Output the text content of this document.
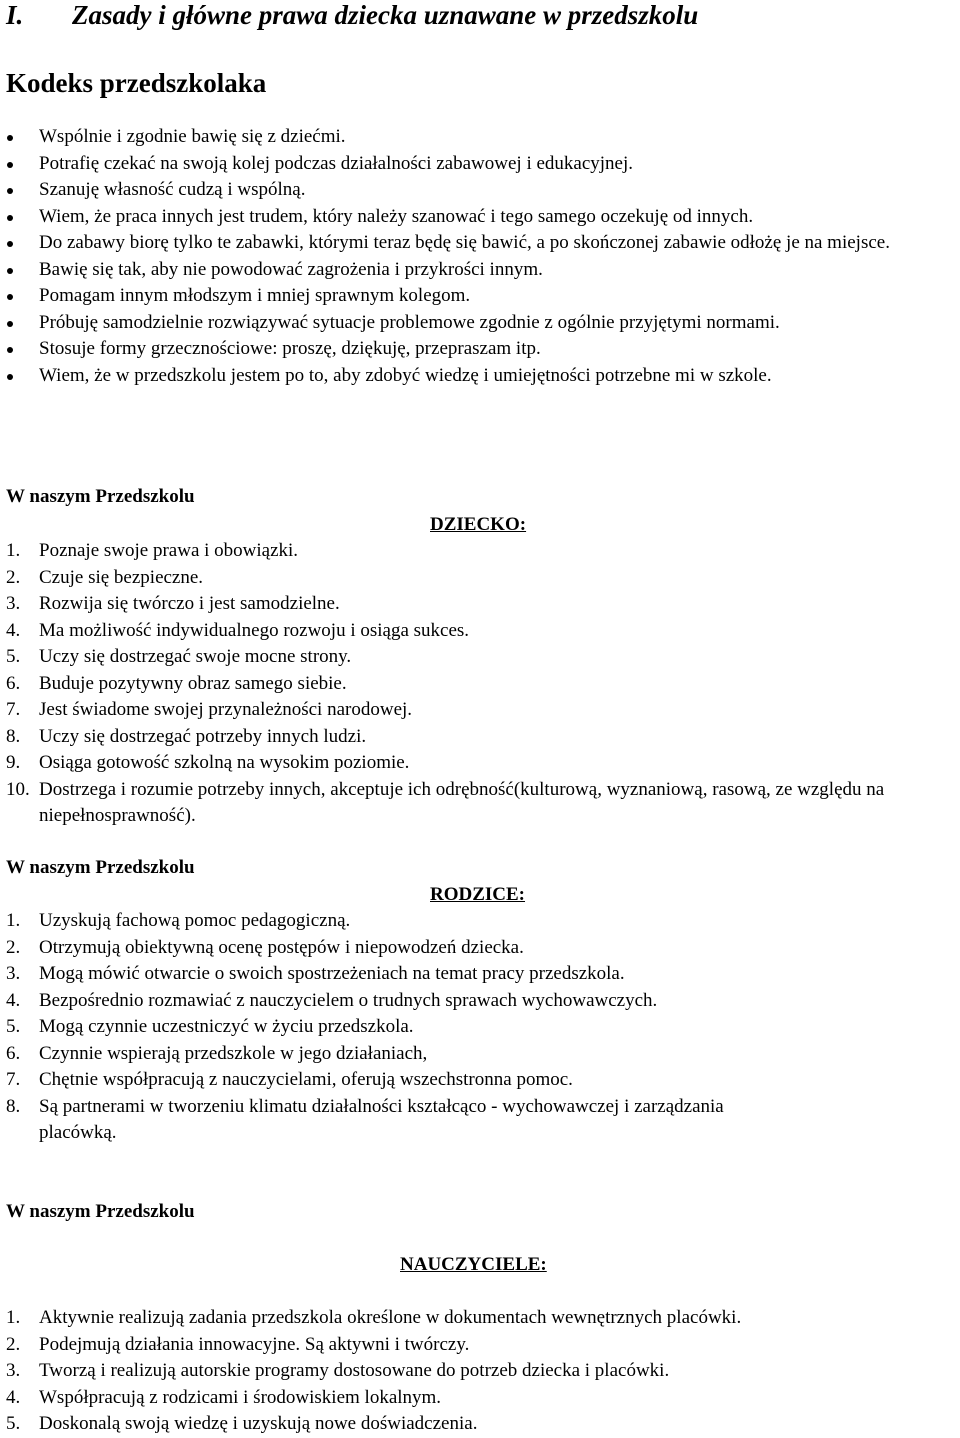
I. Zasady i główne prawa dziecka uznawane w przedszkolu
Kodeks przedszkolaka
Wspólnie i zgodnie bawię się z dziećmi.
Potrafię czekać na swoją kolej podczas działalności zabawowej i edukacyjnej.
Szanuję własność cudzą i wspólną.
Wiem, że praca innych jest trudem, który należy szanować i tego samego oczekuję od innych.
Do zabawy biorę tylko te zabawki, którymi teraz będę się bawić, a po skończonej zabawie odłożę je na miejsce.
Bawię się tak, aby nie powodować zagrożenia i przykrości innym.
Pomagam innym młodszym i mniej sprawnym kolegom.
Próbuję samodzielnie rozwiązywać sytuacje problemowe zgodnie z ogólnie przyjętymi normami.
Stosuje formy grzecznościowe: proszę, dziękuję, przepraszam itp.
Wiem, że w przedszkolu jestem po to, aby zdobyć wiedzę i umiejętności potrzebne mi w szkole.
W naszym Przedszkolu
DZIECKO:
1. Poznaje swoje prawa i obowiązki.
2. Czuje się bezpieczne.
3. Rozwija się twórczo i jest samodzielne.
4. Ma możliwość indywidualnego rozwoju i osiąga sukces.
5. Uczy się dostrzegać swoje mocne strony.
6. Buduje pozytywny obraz samego siebie.
7. Jest świadome swojej przynależności narodowej.
8. Uczy się dostrzegać potrzeby innych ludzi.
9. Osiąga gotowość szkolną na wysokim poziomie.
10. Dostrzega i rozumie potrzeby innych, akceptuje ich odrębność(kulturową, wyznaniową, rasową, ze względu na niepełnosprawność).
W naszym Przedszkolu
RODZICE:
1. Uzyskują fachową pomoc pedagogiczną.
2. Otrzymują obiektywną ocenę postępów i niepowodzeń dziecka.
3. Mogą mówić otwarcie o swoich spostrzeżeniach na temat pracy przedszkola.
4. Bezpośrednio rozmawiać z nauczycielem o trudnych sprawach wychowawczych.
5. Mogą czynnie uczestniczyć w życiu przedszkola.
6. Czynnie wspierają przedszkole w jego działaniach,
7. Chętnie współpracują z nauczycielami, oferują wszechstronna pomoc.
8. Są partnerami w tworzeniu klimatu działalności kształcąco - wychowawczej i zarządzania placówką.
W naszym Przedszkolu
NAUCZYCIELE:
1. Aktywnie realizują zadania przedszkola określone w dokumentach wewnętrznych placówki.
2. Podejmują działania innowacyjne. Są aktywni i twórczy.
3. Tworzą i realizują autorskie programy dostosowane do potrzeb dziecka i placówki.
4. Współpracują z rodzicami i środowiskiem lokalnym.
5. Doskonalą swoją wiedzę i uzyskują nowe doświadczenia.
